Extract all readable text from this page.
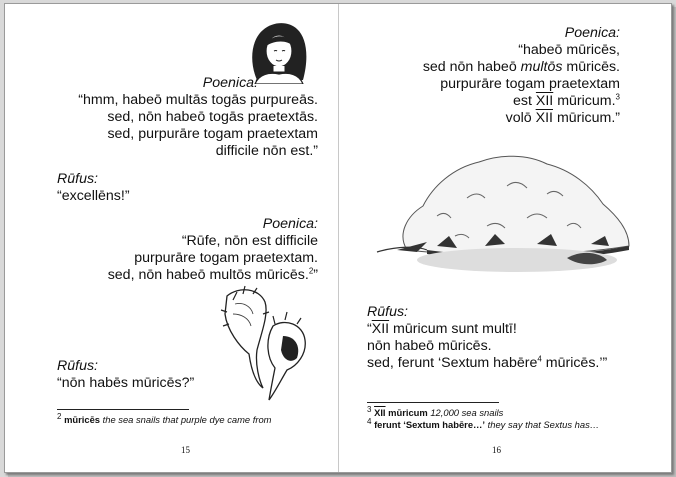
Poenica:
“hmm, habeō multās togās purpureās.
sed, nōn habeō togās praetextās.
sed, purpurāre togam praetextam
difficile nōn est.”
Rūfus:
“excellēns!”
Poenica:
“Rūfe, nōn est difficile
purpurāre togam praetextam.
sed, nōn habeō multōs mūricēs.$^2$”
Rūfus:
“nōn habēs mūricēs?”
$^2$ mūricēs the sea snails that purple dye came from
15
Poenica:
“habeō mūricēs,
sed nōn habeō multōs mūricēs.
purpurāre togam praetextam
est $\overline{XII}$ mūricum.$^3$
volō $\overline{XII}$ mūricum.”
Rūfus:
“$\overline{XII}$ mūricum sunt multī!
nōn habeō mūricēs.
sed, ferunt ‘Sextum habēre$^4$ mūricēs.’”
$^3$ $\overline{XII}$ mūricum 12,000 sea snails
$^4$ ferunt ‘Sextum habēre…’ they say that Sextus has…
16
